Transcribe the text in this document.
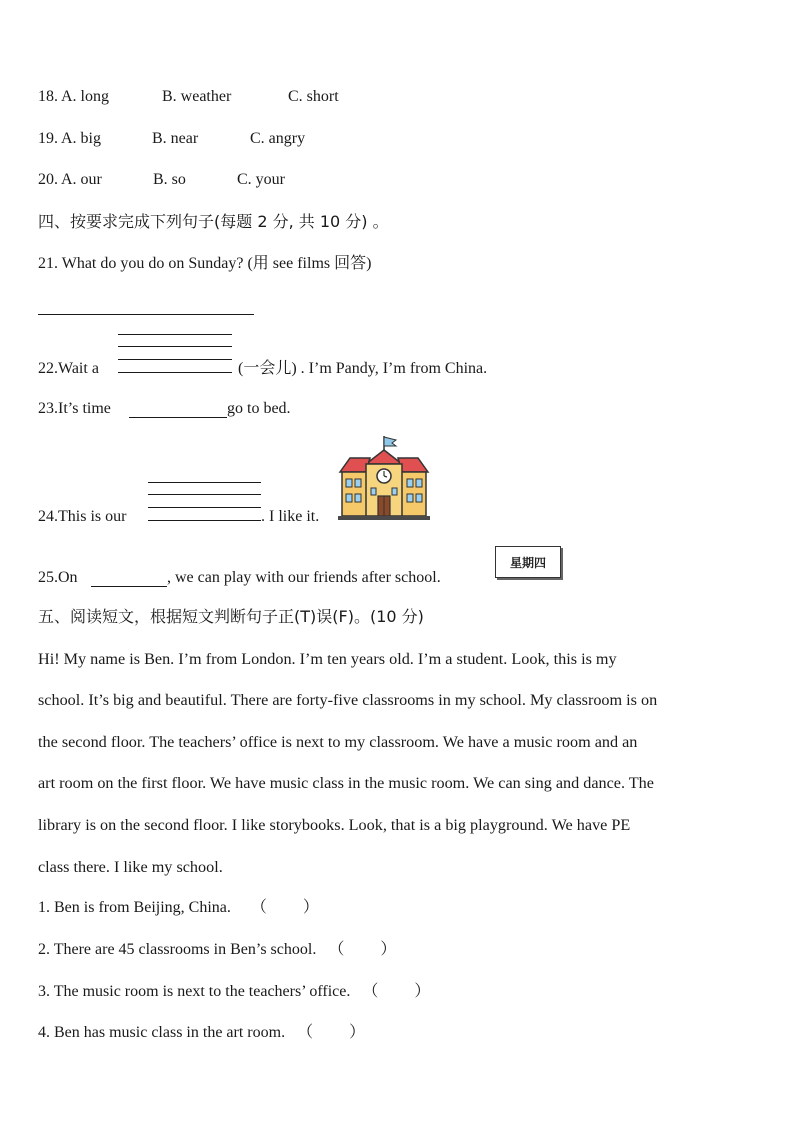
18. A. long	B. weather	C. short
19. A. big	B. near	C. angry
20. A. our	B. so	C. your
四、按要求完成下列句子(每题 2 分, 共 10 分) 。
21. What do you do on Sunday? (用 see films 回答)
22.Wait a	(一会儿) . I’m Pandy, I’m from China.
23.It’s time	go to bed.
24.This is our	. I like it.
25.On	, we can play with our friends after school.
星期四
五、阅读短文，根据短文判断句子正(T)误(F)。(10 分)
Hi! My name is Ben. I’m from London. I’m ten years old. I’m a student. Look, this is my
school. It’s big and beautiful. There are forty-five classrooms in my school. My classroom is on
the second floor. The teachers’ office is next to my classroom. We have a music room and an
art room on the first floor. We have music class in the music room. We can sing and dance. The
library is on the second floor. I like storybooks. Look, that is a big playground. We have PE
class there. I like my school.
1. Ben is from Beijing, China. （ ）
2. There are 45 classrooms in Ben’s school. （ ）
3. The music room is next to the teachers’ office. （ ）
4. Ben has music class in the art room. （ ）
